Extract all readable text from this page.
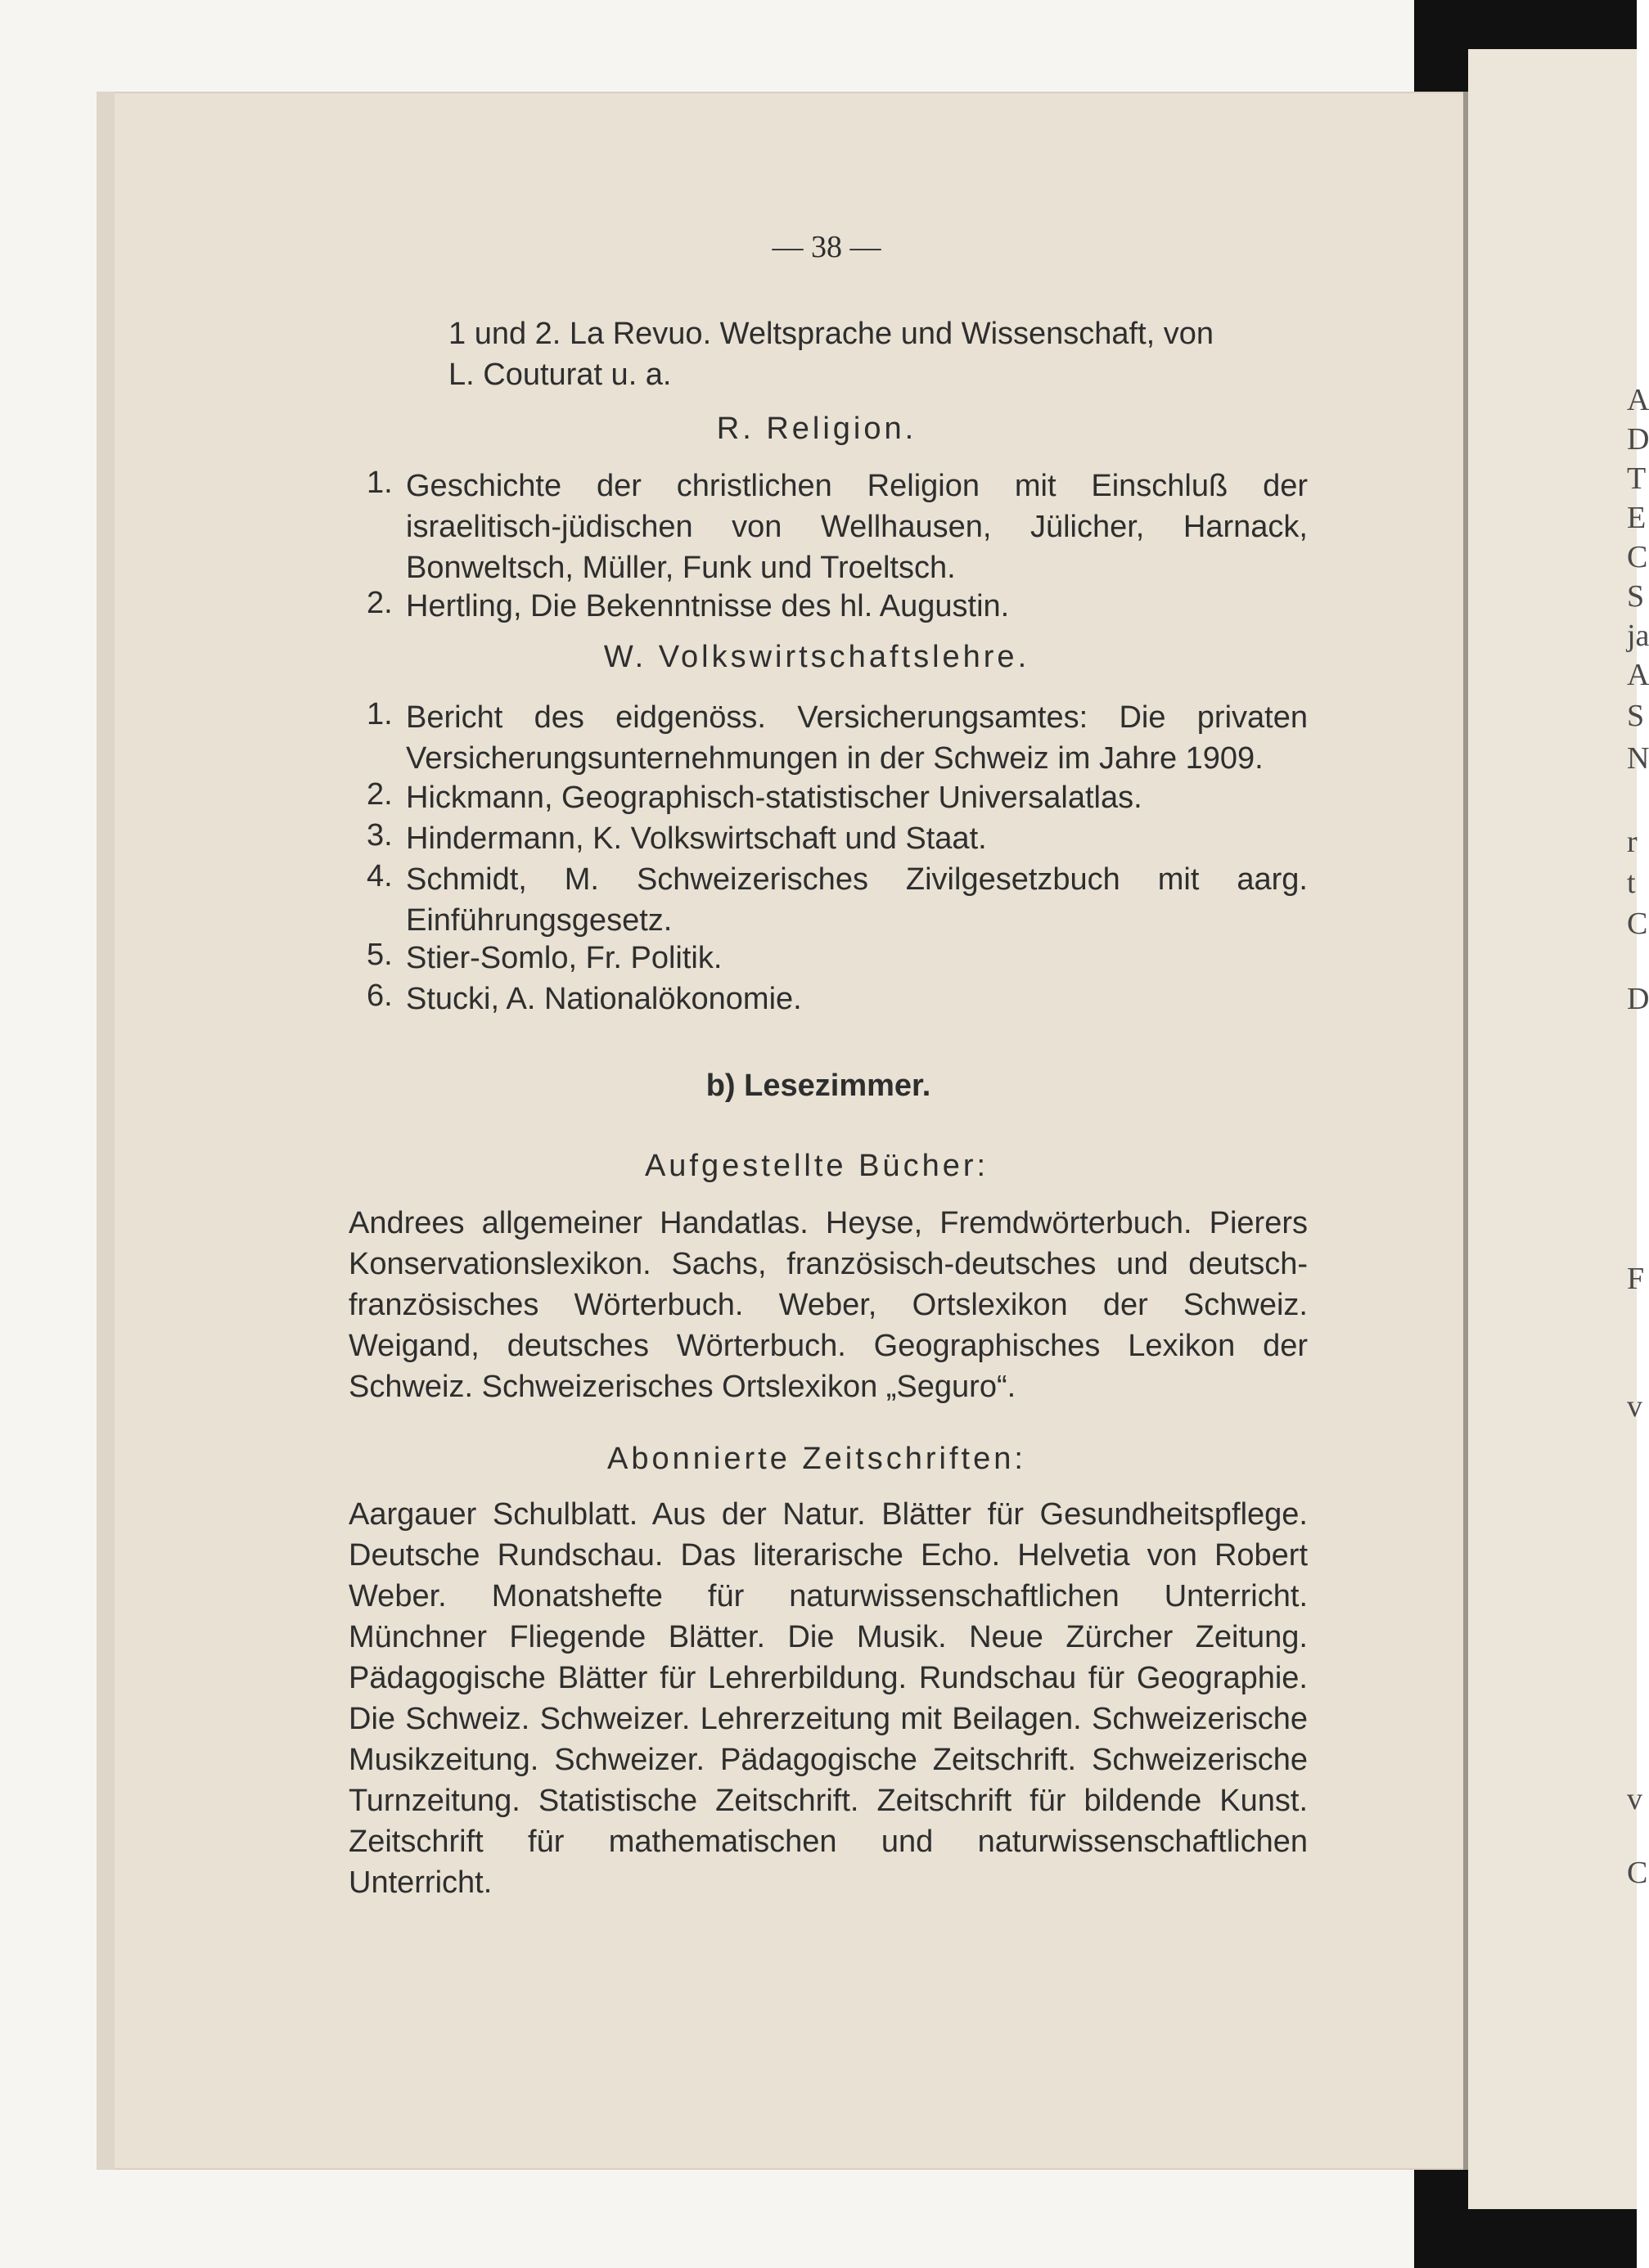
A
D
T
E
C
S
ja
A
S
N
r
t
C
D
F
v
v
C
— 38 —
1 und 2. La Revuo. Weltsprache und Wissenschaft, von
L. Couturat u. a.
R. Religion.
1. Geschichte der christlichen Religion mit Einschluß der israelitisch-jüdischen von Wellhausen, Jülicher, Harnack, Bonweltsch, Müller, Funk und Troeltsch.
2. Hertling, Die Bekenntnisse des hl. Augustin.
W. Volkswirtschaftslehre.
1. Bericht des eidgenöss. Versicherungsamtes: Die privaten Versicherungsunternehmungen in der Schweiz im Jahre 1909.
2. Hickmann, Geographisch-statistischer Universalatlas.
3. Hindermann, K. Volkswirtschaft und Staat.
4. Schmidt, M. Schweizerisches Zivilgesetzbuch mit aarg. Einführungsgesetz.
5. Stier-Somlo, Fr. Politik.
6. Stucki, A. Nationalökonomie.
b) Lesezimmer.
Aufgestellte Bücher:
Andrees allgemeiner Handatlas. Heyse, Fremdwörterbuch. Pierers Konservationslexikon. Sachs, französisch-deutsches und deutsch-französisches Wörterbuch. Weber, Ortslexikon der Schweiz. Weigand, deutsches Wörterbuch. Geographisches Lexikon der Schweiz. Schweizerisches Ortslexikon „Seguro“.
Abonnierte Zeitschriften:
Aargauer Schulblatt. Aus der Natur. Blätter für Gesundheitspflege. Deutsche Rundschau. Das literarische Echo. Helvetia von Robert Weber. Monatshefte für naturwissenschaftlichen Unterricht. Münchner Fliegende Blätter. Die Musik. Neue Zürcher Zeitung. Pädagogische Blätter für Lehrerbildung. Rundschau für Geographie. Die Schweiz. Schweizer. Lehrerzeitung mit Beilagen. Schweizerische Musikzeitung. Schweizer. Pädagogische Zeitschrift. Schweizerische Turnzeitung. Statistische Zeitschrift. Zeitschrift für bildende Kunst. Zeitschrift für mathematischen und naturwissenschaftlichen Unterricht.
